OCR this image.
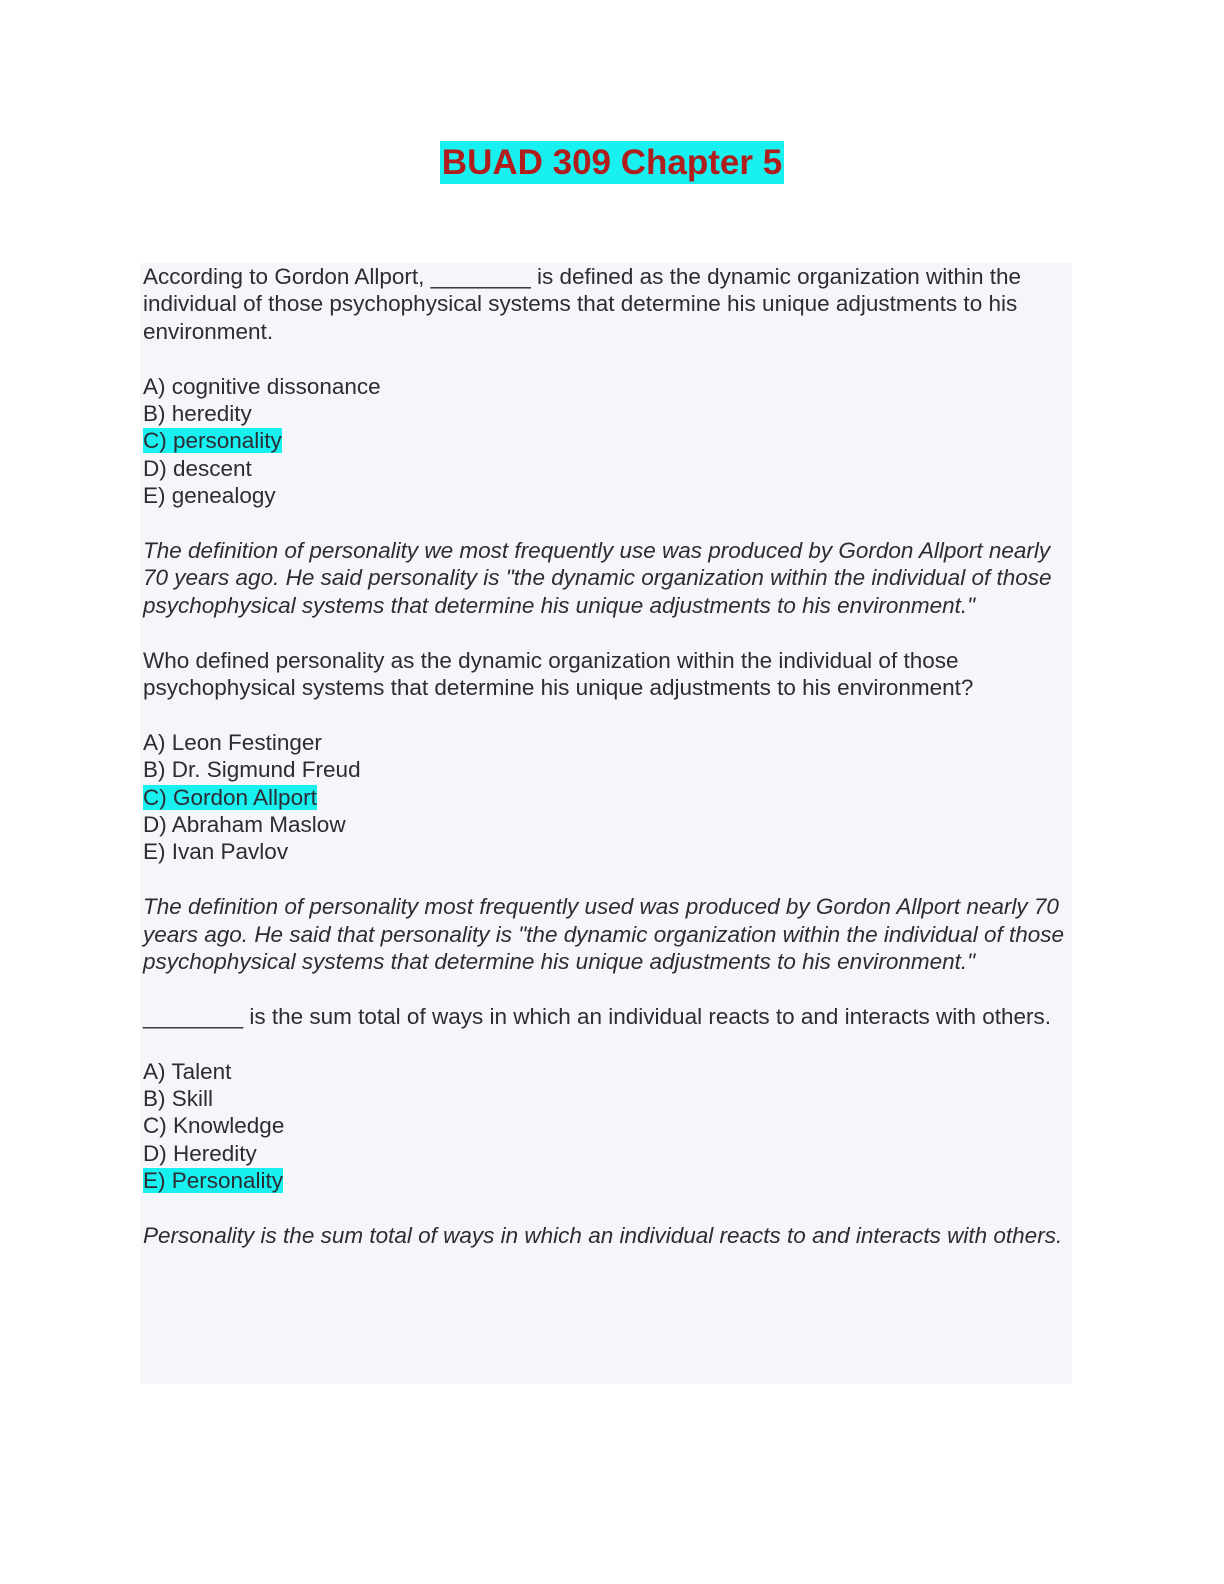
BUAD 309 Chapter 5

According to Gordon Allport, ________ is defined as the dynamic organization within the individual of those psychophysical systems that determine his unique adjustments to his environment.

A) cognitive dissonance
B) heredity
C) personality
D) descent
E) genealogy

The definition of personality we most frequently use was produced by Gordon Allport nearly 70 years ago. He said personality is "the dynamic organization within the individual of those psychophysical systems that determine his unique adjustments to his environment."

Who defined personality as the dynamic organization within the individual of those psychophysical systems that determine his unique adjustments to his environment?

A) Leon Festinger
B) Dr. Sigmund Freud
C) Gordon Allport
D) Abraham Maslow
E) Ivan Pavlov

The definition of personality most frequently used was produced by Gordon Allport nearly 70 years ago. He said that personality is "the dynamic organization within the individual of those psychophysical systems that determine his unique adjustments to his environment."

________ is the sum total of ways in which an individual reacts to and interacts with others.

A) Talent
B) Skill
C) Knowledge
D) Heredity
E) Personality

Personality is the sum total of ways in which an individual reacts to and interacts with others.
